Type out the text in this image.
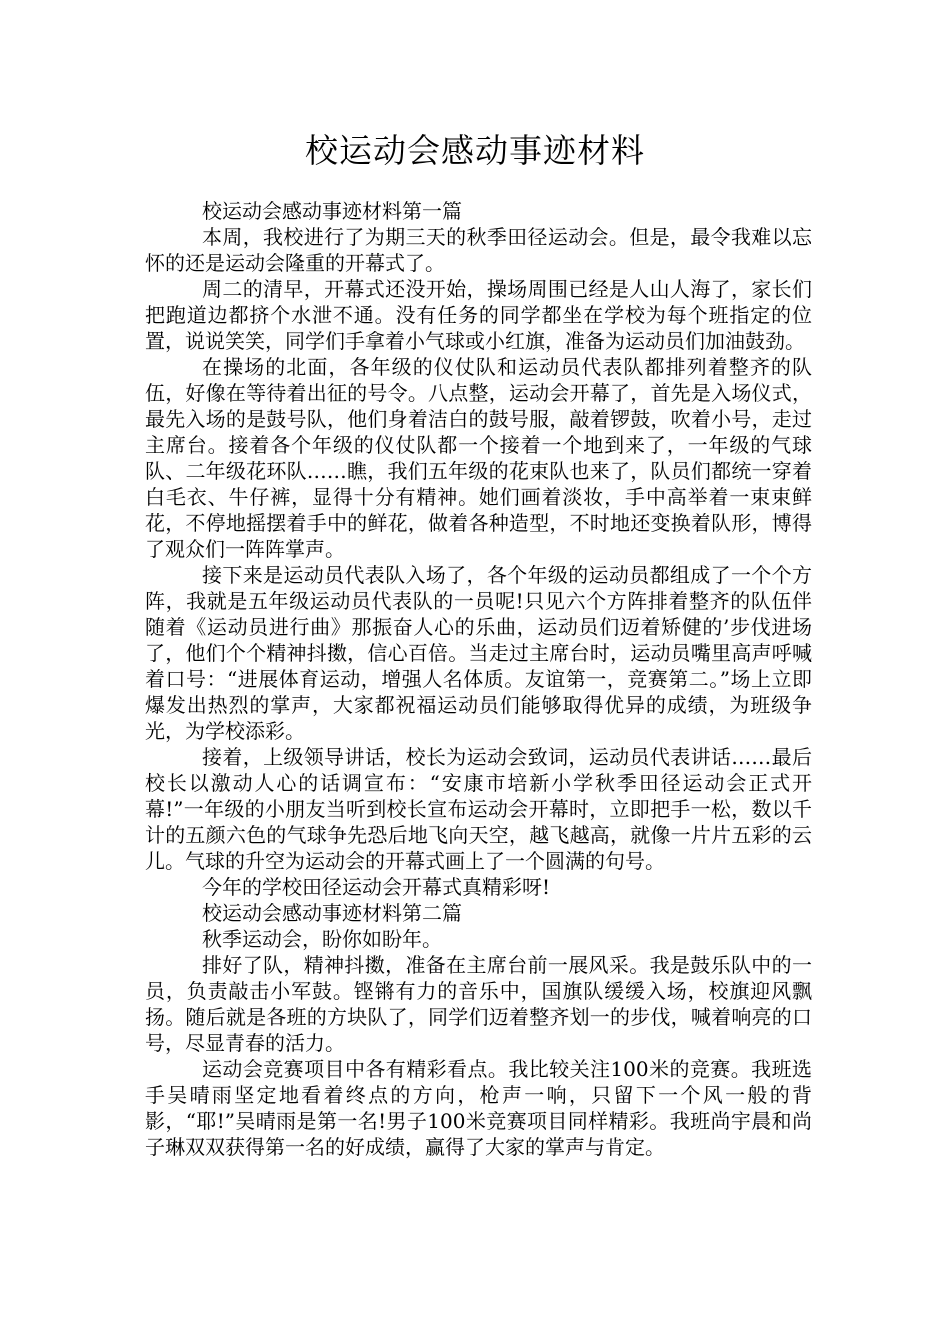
校运动会感动事迹材料

校运动会感动事迹材料第一篇

本周，我校进行了为期三天的秋季田径运动会。但是，最令我难以忘怀的还是运动会隆重的开幕式了。

周二的清早，开幕式还没开始，操场周围已经是人山人海了，家长们把跑道边都挤个水泄不通。没有任务的同学都坐在学校为每个班指定的位置，说说笑笑，同学们手拿着小气球或小红旗，准备为运动员们加油鼓劲。

在操场的北面，各年级的仪仗队和运动员代表队都排列着整齐的队伍，好像在等待着出征的号令。八点整，运动会开幕了，首先是入场仪式，最先入场的是鼓号队，他们身着洁白的鼓号服，敲着锣鼓，吹着小号，走过主席台。接着各个年级的仪仗队都一个接着一个地到来了，一年级的气球队、二年级花环队……瞧，我们五年级的花束队也来了，队员们都统一穿着白毛衣、牛仔裤，显得十分有精神。她们画着淡妆，手中高举着一束束鲜花，不停地摇摆着手中的鲜花，做着各种造型，不时地还变换着队形，博得了观众们一阵阵掌声。

接下来是运动员代表队入场了，各个年级的运动员都组成了一个个方阵，我就是五年级运动员代表队的一员呢!只见六个方阵排着整齐的队伍伴随着《运动员进行曲》那振奋人心的乐曲，运动员们迈着矫健的’步伐进场了，他们个个精神抖擞，信心百倍。当走过主席台时，运动员嘴里高声呼喊着口号：“进展体育运动，增强人名体质。友谊第一，竞赛第二。”场上立即爆发出热烈的掌声，大家都祝福运动员们能够取得优异的成绩，为班级争光，为学校添彩。

接着，上级领导讲话，校长为运动会致词，运动员代表讲话……最后校长以激动人心的话调宣布：“安康市培新小学秋季田径运动会正式开幕!”一年级的小朋友当听到校长宣布运动会开幕时，立即把手一松，数以千计的五颜六色的气球争先恐后地飞向天空，越飞越高，就像一片片五彩的云儿。气球的升空为运动会的开幕式画上了一个圆满的句号。

今年的学校田径运动会开幕式真精彩呀!

校运动会感动事迹材料第二篇

秋季运动会，盼你如盼年。

排好了队，精神抖擞，准备在主席台前一展风采。我是鼓乐队中的一员，负责敲击小军鼓。铿锵有力的音乐中，国旗队缓缓入场，校旗迎风飘扬。随后就是各班的方块队了，同学们迈着整齐划一的步伐，喊着响亮的口号，尽显青春的活力。

运动会竞赛项目中各有精彩看点。我比较关注100米的竞赛。我班选手吴晴雨坚定地看着终点的方向，枪声一响，只留下一个风一般的背影，“耶!”吴晴雨是第一名!男子100米竞赛项目同样精彩。我班尚宇晨和尚子琳双双获得第一名的好成绩，赢得了大家的掌声与肯定。
